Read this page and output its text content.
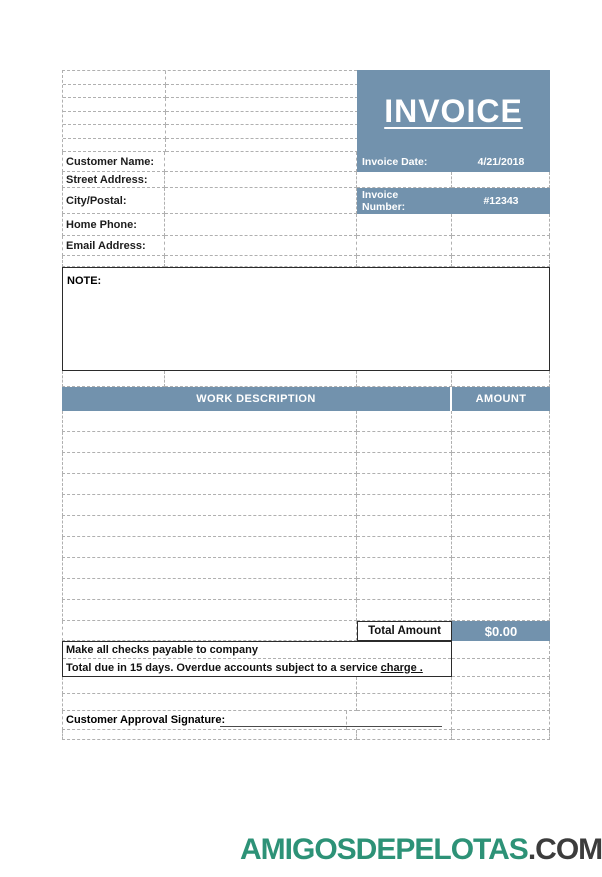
INVOICE
Customer Name:	Invoice Date:	4/21/2018
Street Address:
City/Postal:	Invoice Number:	#12343
Home Phone:
Email Address:
NOTE:
WORK DESCRIPTION	AMOUNT
Total Amount	$0.00
Make all checks payable to company
Total due in 15 days. Overdue accounts subject to a service
charge .
Customer Approval Signature:
AMIGOSDEPELOTAS.COM
